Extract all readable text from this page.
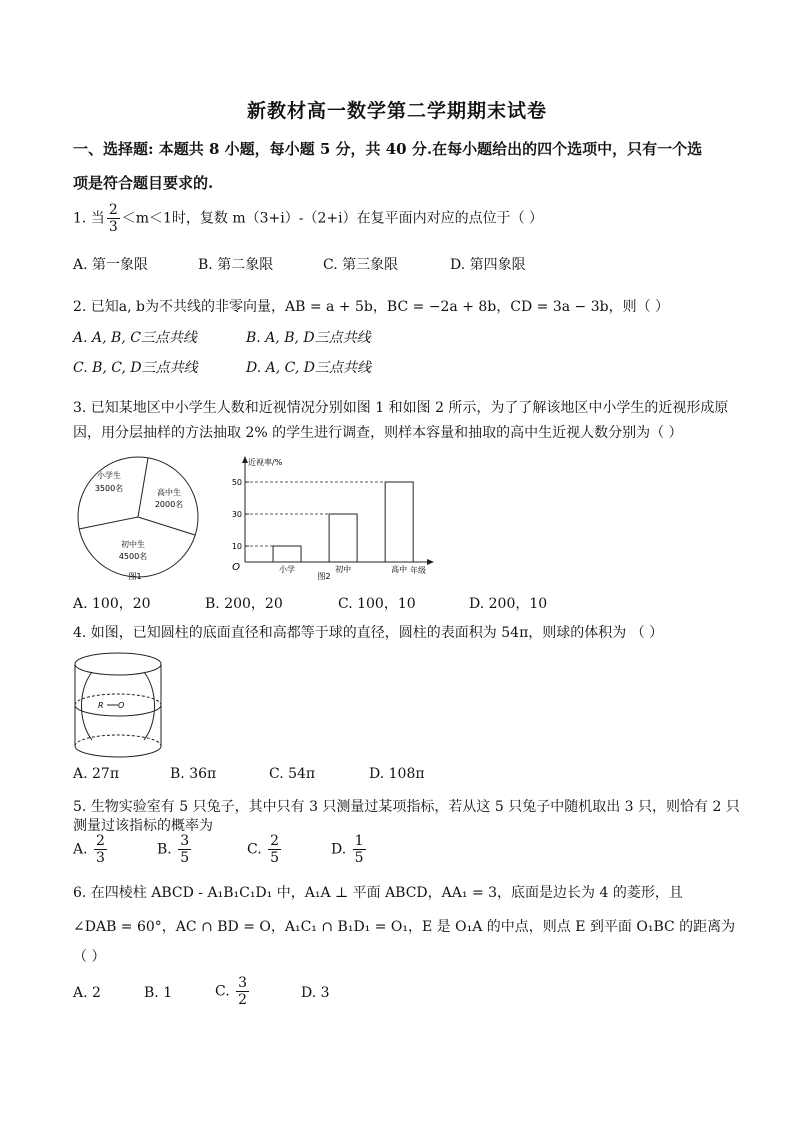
新教材高一数学第二学期期末试卷
一、选择题: 本题共 8 小题，每小题 5 分，共 40 分.在每小题给出的四个选项中，只有一个选
项是符合题目要求的.
1. 当 $\frac{2}{3} <m<1$时，复数 m（3+i）-（2+i）在复平面内对应的点位于（ ）
A. 第一象限	B. 第二象限	C. 第三象限	D. 第四象限
2. 已知a, b为不共线的非零向量，AB = a + 5b，BC = −2a + 8b，CD = 3a − 3b，则（ ）
A. A, B, C三点共线	B. A, B, D三点共线
C. B, C, D三点共线	D. A, C, D三点共线
3. 已知某地区中小学生人数和近视情况分别如图 1 和如图 2 所示，为了了解该地区中小学生的近视形成原
因，用分层抽样的方法抽取 2% 的学生进行调查，则样本容量和抽取的高中生近视人数分别为（ ）
小学生
3500名	高中生
2000名
初中生
4500名
图1
近视率/%
年级
O
图2
10
30
50
小学	初中	高中
A. 100，20	B. 200，20	C. 100，10	D. 200，10
4. 如图，已知圆柱的底面直径和高都等于球的直径，圆柱的表面积为 54π，则球的体积为 （ ）
R O
A. 27π	B. 36π	C. 54π	D. 108π
5. 生物实验室有 5 只兔子，其中只有 3 只测量过某项指标，若从这 5 只兔子中随机取出 3 只，则恰有 2 只
测量过该指标的概率为
A. $\frac{2}{3}$	B. $\frac{3}{5}$	C. $\frac{2}{5}$	D. $\frac{1}{5}$
6. 在四棱柱 ABCD - A₁B₁C₁D₁ 中，A₁A ⊥ 平面 ABCD，AA₁ = 3，底面是边长为 4 的菱形，且
∠DAB = 60°，AC ∩ BD = O，A₁C₁ ∩ B₁D₁ = O₁，E 是 O₁A 的中点，则点 E 到平面 O₁BC 的距离为
（ ）
A. 2	B. 1	C. $\frac{3}{2}$	D. 3
